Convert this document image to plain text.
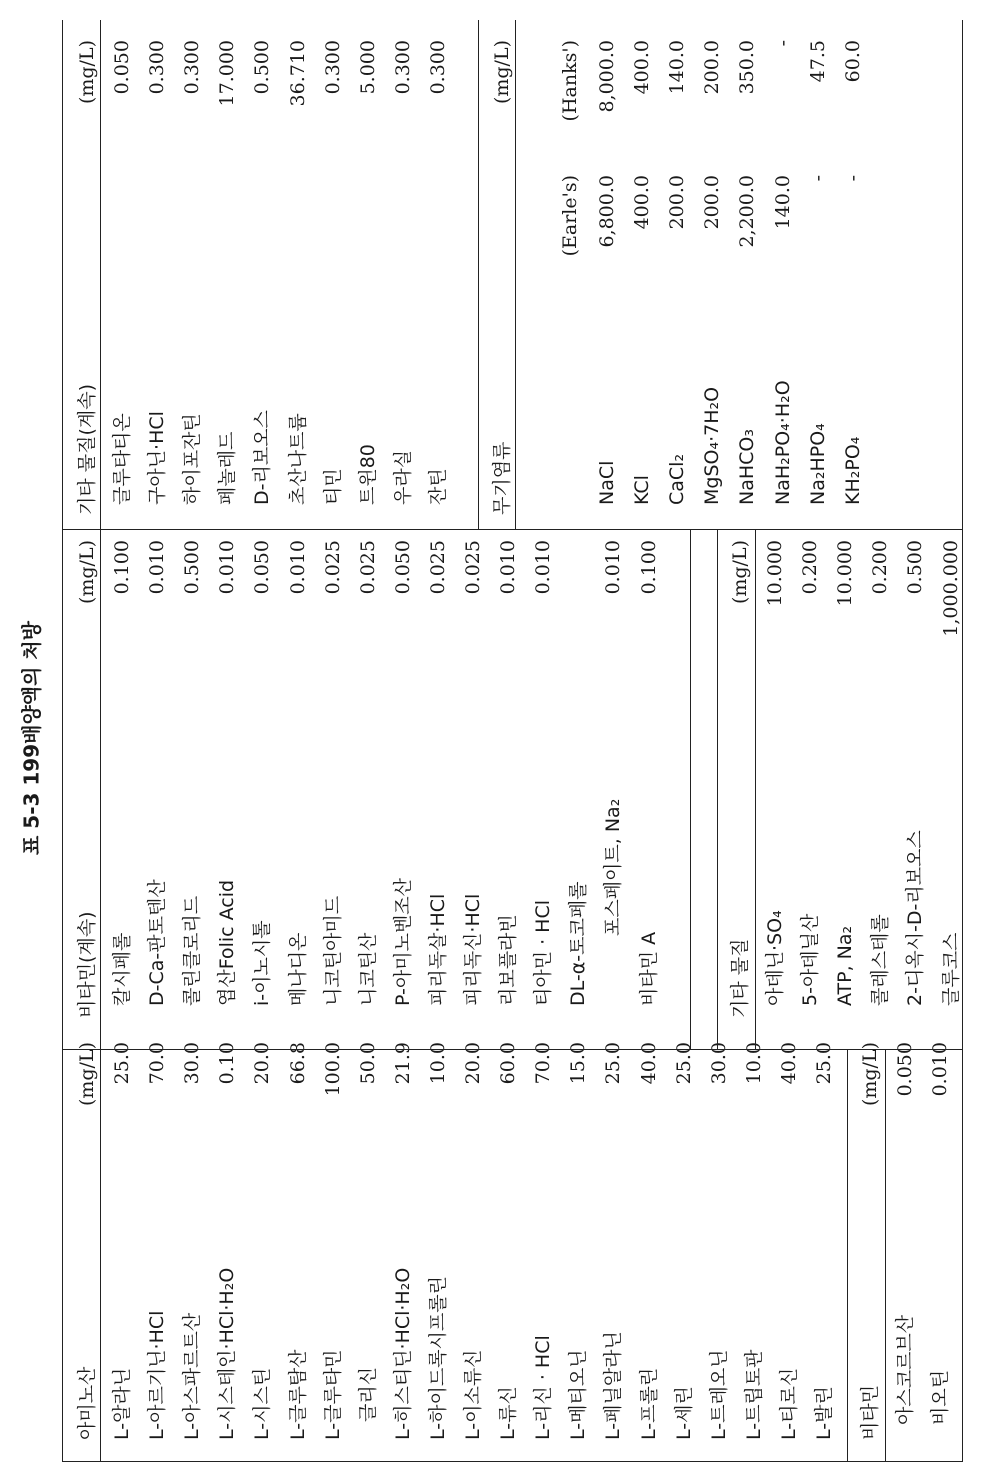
표 5-3 199배양액의 처방
아미노산
(mg/L)
L-알라닌
25.0
L-아르기닌·HCl
70.0
L-아스파르트산
30.0
L-시스테인·HCl·H₂O
0.10
L-시스틴
20.0
L-글루탐산
66.8
L-글루타민
100.0
글리신
50.0
L-히스티딘·HCl·H₂O
21.9
L-하이드록시프롤린
10.0
L-이소류신
20.0
L-류신
60.0
L-리신 · HCl
70.0
L-메티오닌
15.0
L-페닐알라닌
25.0
L-프롤린
40.0
L-세린
25.0
L-트레오닌
30.0
L-트립토판
10.0
L-티로신
40.0
L-발린
25.0
비타민
(mg/L)
아스코르브산
0.050
비오틴
0.010
비타민(계속)
(mg/L)
칼시페롤
0.100
D-Ca-판토텐산
0.010
콜린클로리드
0.500
엽산Folic Acid
0.010
i-이노시톨
0.050
메나디온
0.010
니코틴아미드
0.025
니코틴산
0.025
P-아미노벤조산
0.050
피리독살·HCl
0.025
피리독신·HCl
0.025
리보플라빈
0.010
티아민 · HCl
0.010
DL-α-토코페롤
포스페이트, Na₂
0.010
비타민 A
0.100
기타 물질
(mg/L)
아데닌·SO₄
10.000
5-아데닐산
0.200
ATP, Na₂
10.000
콜레스테롤
0.200
2-디옥시-D-리보오스
0.500
글루코스
1,000.000
기타 물질(계속)
(mg/L)
글루타티온
0.050
구아닌·HCl
0.300
하이포잔틴
0.300
페놀레드
17.000
D-리보오스
0.500
초산나트륨
36.710
티민
0.300
트윈80
5.000
우라실
0.300
잔틴
0.300
무기염류
(mg/L)
(Earle's)
(Hanks')
NaCl
6,800.0
8,000.0
KCl
400.0
400.0
CaCl₂
200.0
140.0
MgSO₄·7H₂O
200.0
200.0
NaHCO₃
2,200.0
350.0
NaH₂PO₄·H₂O
140.0
-
Na₂HPO₄
-
47.5
KH₂PO₄
-
60.0
